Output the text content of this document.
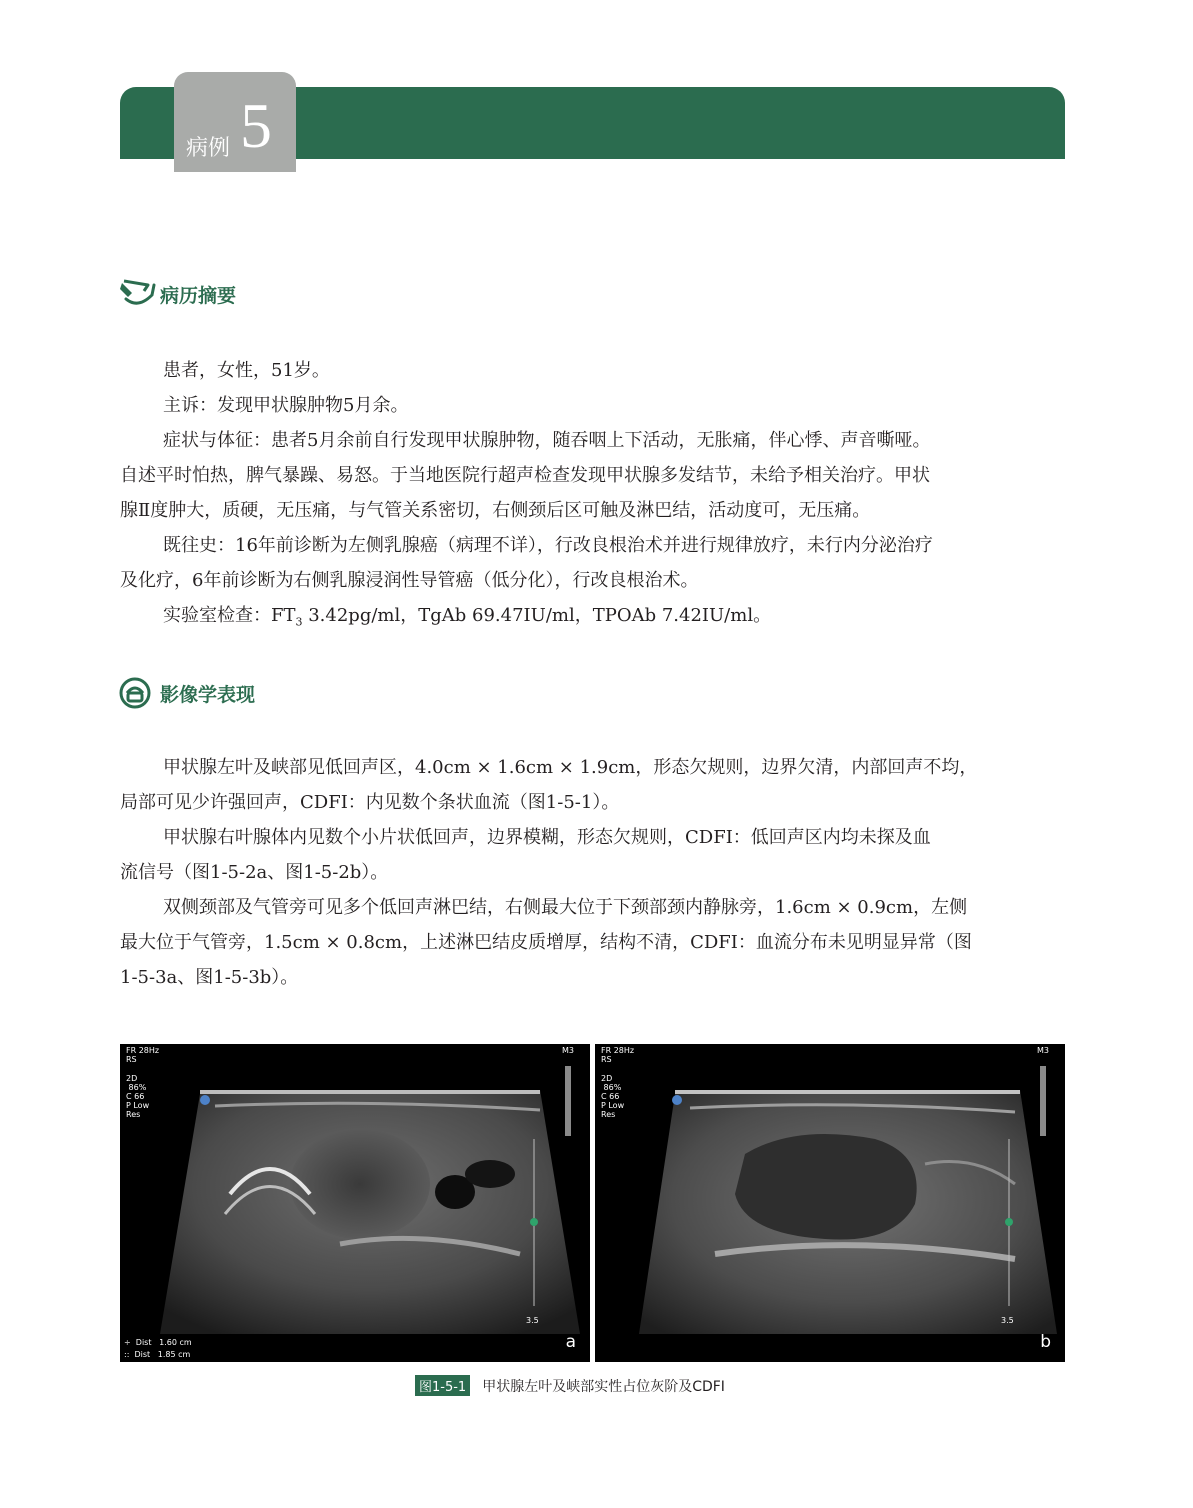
病例 5
病历摘要
患者，女性，51岁。
主诉：发现甲状腺肿物5月余。
症状与体征：患者5月余前自行发现甲状腺肿物，随吞咽上下活动，无胀痛，伴心悸、声音嘶哑。
自述平时怕热，脾气暴躁、易怒。于当地医院行超声检查发现甲状腺多发结节，未给予相关治疗。甲状
腺Ⅱ度肿大，质硬，无压痛，与气管关系密切，右侧颈后区可触及淋巴结，活动度可，无压痛。
既往史：16年前诊断为左侧乳腺癌（病理不详），行改良根治术并进行规律放疗，未行内分泌治疗
及化疗，6年前诊断为右侧乳腺浸润性导管癌（低分化），行改良根治术。
实验室检查：$FT_3$ 3.42pg/ml，TgAb 69.47IU/ml，TPOAb 7.42IU/ml。
影像学表现
甲状腺左叶及峡部见低回声区，4.0cm × 1.6cm × 1.9cm，形态欠规则，边界欠清，内部回声不均，
局部可见少许强回声，CDFI：内见数个条状血流（图1-5-1）。
甲状腺右叶腺体内见数个小片状低回声，边界模糊，形态欠规则，CDFI：低回声区内均未探及血
流信号（图1-5-2a、图1-5-2b）。
双侧颈部及气管旁可见多个低回声淋巴结，右侧最大位于下颈部颈内静脉旁，1.6cm × 0.9cm，左侧
最大位于气管旁，1.5cm × 0.8cm，上述淋巴结皮质增厚，结构不清，CDFI：血流分布未见明显异常（图
1-5-3a、图1-5-3b）。
FR 28Hz
RS
2D
86%
C 66
P Low
Res
M3
3.5
÷  Dist   1.60 cm
::  Dist   1.85 cm
a
FR 28Hz
RS
2D
86%
C 66
P Low
Res
M3
3.5
b
图1-5-1 甲状腺左叶及峡部实性占位灰阶及CDFI
